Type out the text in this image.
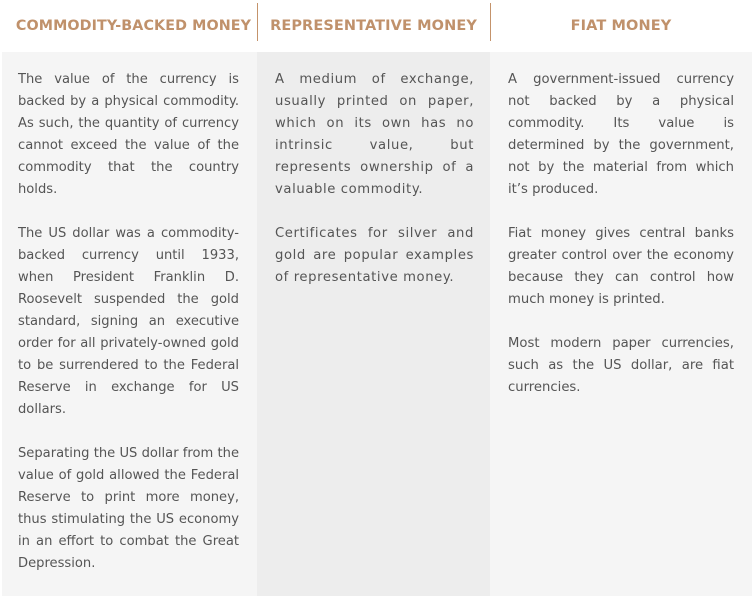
COMMODITY-BACKED MONEY

The value of the currency is backed by a physical commodity. As such, the quantity of currency cannot exceed the value of the commodity that the country holds.

The US dollar was a commodity-backed currency until 1933, when President Franklin D. Roosevelt suspended the gold standard, signing an executive order for all privately-owned gold to be surrendered to the Federal Reserve in exchange for US dollars.

Separating the US dollar from the value of gold allowed the Federal Reserve to print more money, thus stimulating the US economy in an effort to combat the Great Depression.

REPRESENTATIVE MONEY

A medium of exchange, usually printed on paper, which on its own has no intrinsic value, but represents ownership of a valuable commodity.

Certificates for silver and gold are popular examples of representative money.

FIAT MONEY

A government-issued currency not backed by a physical commodity. Its value is determined by the government, not by the material from which it’s produced.

Fiat money gives central banks greater control over the economy because they can control how much money is printed.

Most modern paper currencies, such as the US dollar, are fiat currencies.
